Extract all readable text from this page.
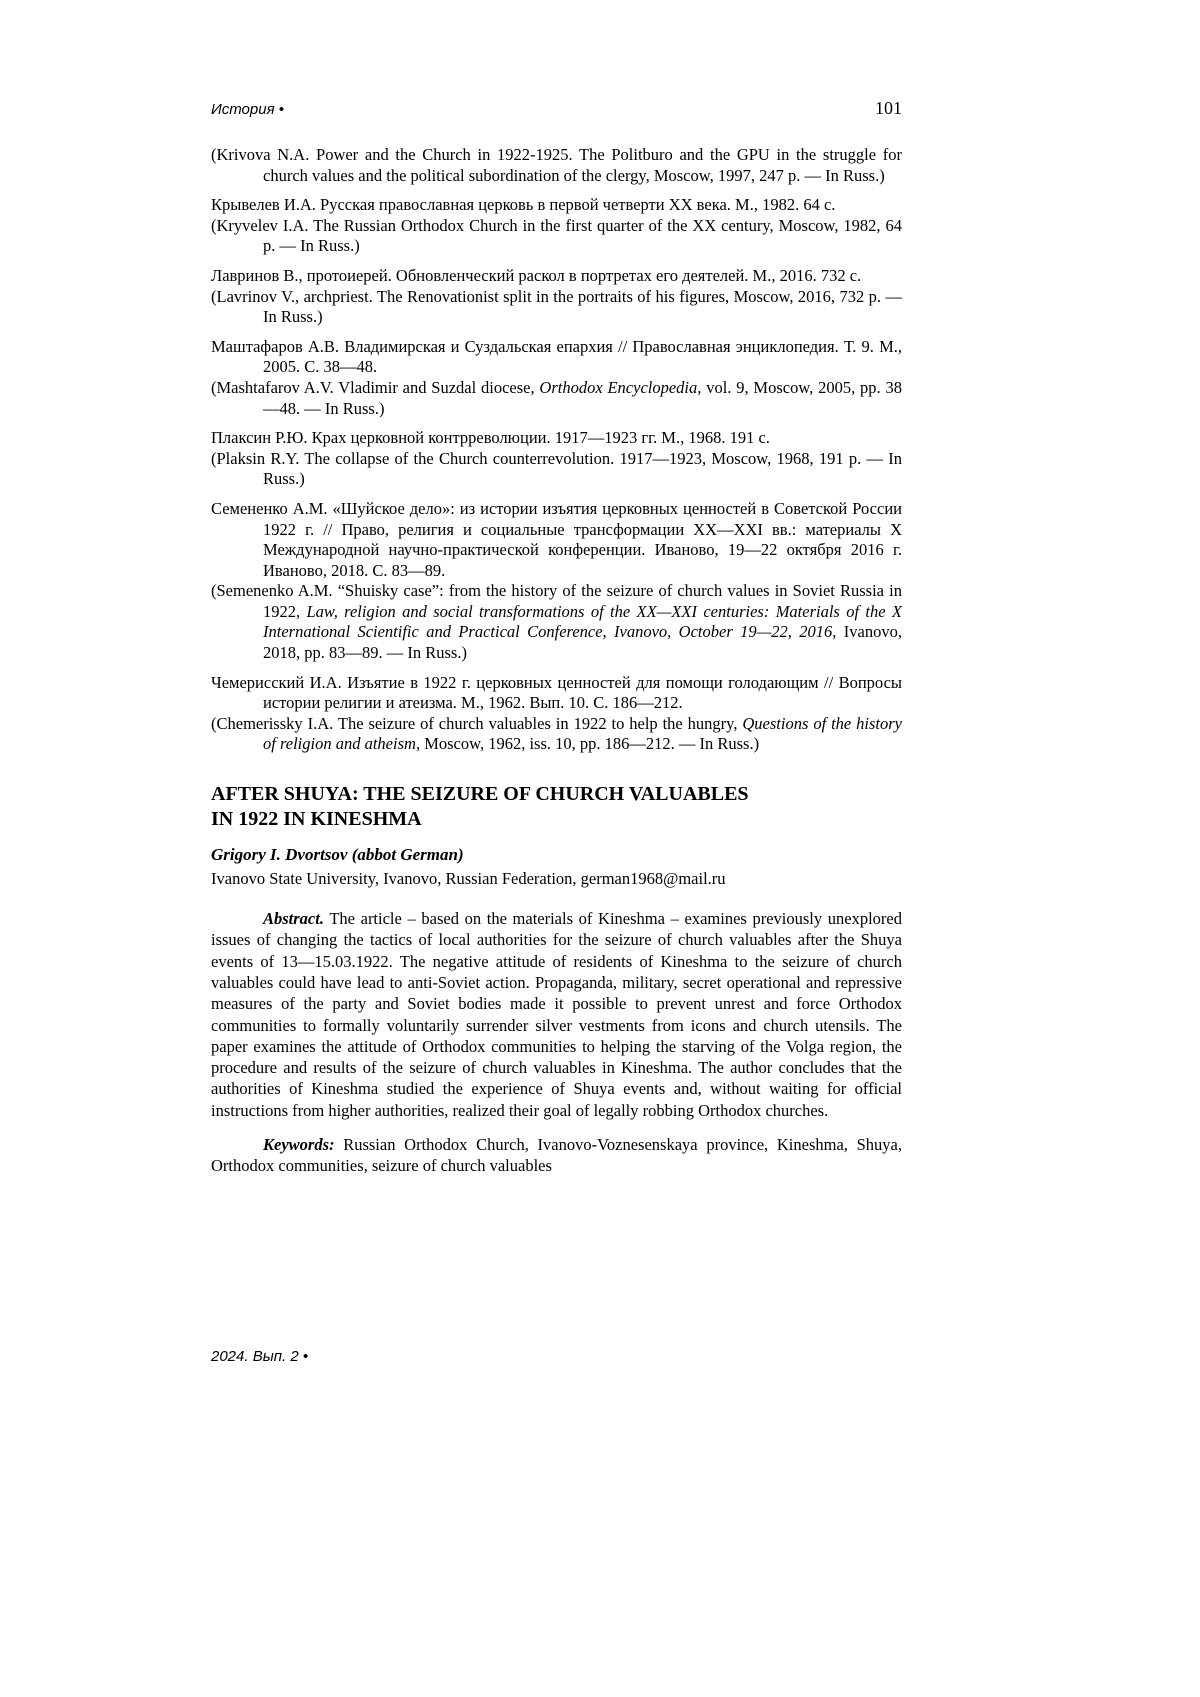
История •	101

(Krivova N.A. Power and the Church in 1922-1925. The Politburo and the GPU in the struggle for church values and the political subordination of the clergy, Moscow, 1997, 247 p. — In Russ.)

Крывелев И.А. Русская православная церковь в первой четверти XX века. М., 1982. 64 с.

(Kryvelev I.A. The Russian Orthodox Church in the first quarter of the XX century, Moscow, 1982, 64 p. — In Russ.)

Лавринов В., протоиерей. Обновленческий раскол в портретах его деятелей. М., 2016. 732 с.

(Lavrinov V., archpriest. The Renovationist split in the portraits of his figures, Moscow, 2016, 732 p. — In Russ.)

Маштафаров А.В. Владимирская и Суздальская епархия // Православная энциклопедия. Т. 9. М., 2005. С. 38—48.

(Mashtafarov A.V. Vladimir and Suzdal diocese, Orthodox Encyclopedia, vol. 9, Moscow, 2005, pp. 38—48. — In Russ.)

Плаксин Р.Ю. Крах церковной контрреволюции. 1917—1923 гг. М., 1968. 191 с.

(Plaksin R.Y. The collapse of the Church counterrevolution. 1917—1923, Moscow, 1968, 191 p. — In Russ.)

Семененко А.М. «Шуйское дело»: из истории изъятия церковных ценностей в Советской России 1922 г. // Право, религия и социальные трансформации XX—XXI вв.: материалы X Международной научно-практической конференции. Иваново, 19—22 октября 2016 г. Иваново, 2018. С. 83—89.

(Semenenko A.M. “Shuisky case”: from the history of the seizure of church values in Soviet Russia in 1922, Law, religion and social transformations of the XX—XXI centuries: Materials of the X International Scientific and Practical Conference, Ivanovo, October 19—22, 2016, Ivanovo, 2018, pp. 83—89. — In Russ.)

Чемерисский И.А. Изъятие в 1922 г. церковных ценностей для помощи голодающим // Вопросы истории религии и атеизма. М., 1962. Вып. 10. С. 186—212.

(Chemerissky I.A. The seizure of church valuables in 1922 to help the hungry, Questions of the history of religion and atheism, Moscow, 1962, iss. 10, pp. 186—212. — In Russ.)

AFTER SHUYA: THE SEIZURE OF CHURCH VALUABLES
IN 1922 IN KINESHMA

Grigory I. Dvortsov (abbot German)

Ivanovo State University, Ivanovo, Russian Federation, german1968@mail.ru

Abstract. The article – based on the materials of Kineshma – examines previously unexplored issues of changing the tactics of local authorities for the seizure of church valuables after the Shuya events of 13—15.03.1922. The negative attitude of residents of Kineshma to the seizure of church valuables could have lead to anti-Soviet action. Propaganda, military, secret operational and repressive measures of the party and Soviet bodies made it possible to prevent unrest and force Orthodox communities to formally voluntarily surrender silver vestments from icons and church utensils. The paper examines the attitude of Orthodox communities to helping the starving of the Volga region, the procedure and results of the seizure of church valuables in Kineshma. The author concludes that the authorities of Kineshma studied the experience of Shuya events and, without waiting for official instructions from higher authorities, realized their goal of legally robbing Orthodox churches.

Keywords: Russian Orthodox Church, Ivanovo-Voznesenskaya province, Kineshma, Shuya, Orthodox communities, seizure of church valuables

2024. Вып. 2 •
